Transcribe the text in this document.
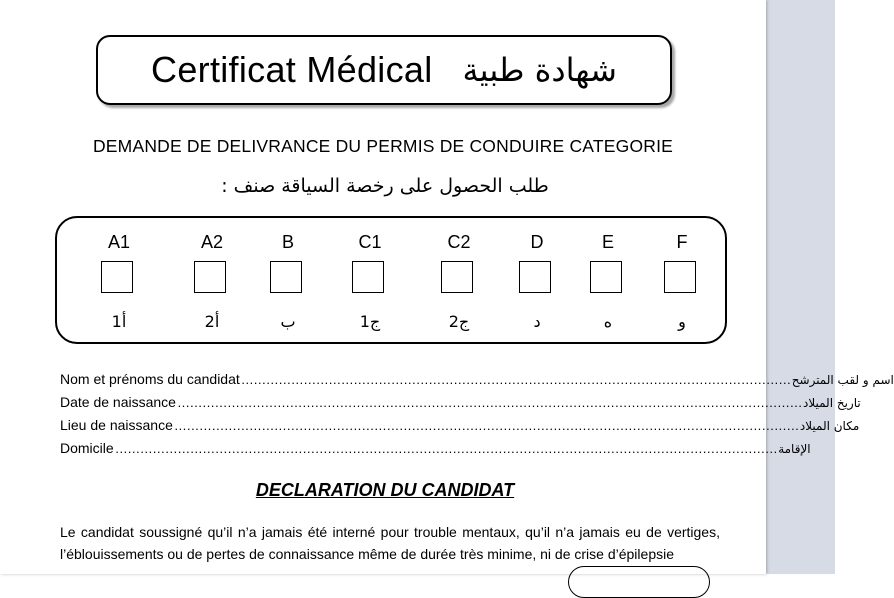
Certificat Médical شهادة طبية
DEMANDE DE DELIVRANCE DU PERMIS DE CONDUIRE CATEGORIE
طلب الحصول على رخصة السياقة صنف :
A1
أ1
A2
أ2
B
ب
C1
ج1
C2
ج2
D
د
E
ه
F
و
Nom et prénoms du candidat …………………………………………………………………………………………………………………… اسم و لقب المترشح
Date de naissance …………………………………………………………………………………………………………………………………… تاريخ الميلاد
Lieu de naissance …………………………………………………………………………………………………………………………………… مكان الميلاد
Domicile …………………………………………………………………………………………………………………………………………… الإقامة
DECLARATION DU CANDIDAT
Le candidat soussigné qu’il n’a jamais été interné pour trouble mentaux, qu’il n’a jamais eu de vertiges, l’éblouissements ou de pertes de connaissance même de durée très minime, ni de crise d’épilepsie
